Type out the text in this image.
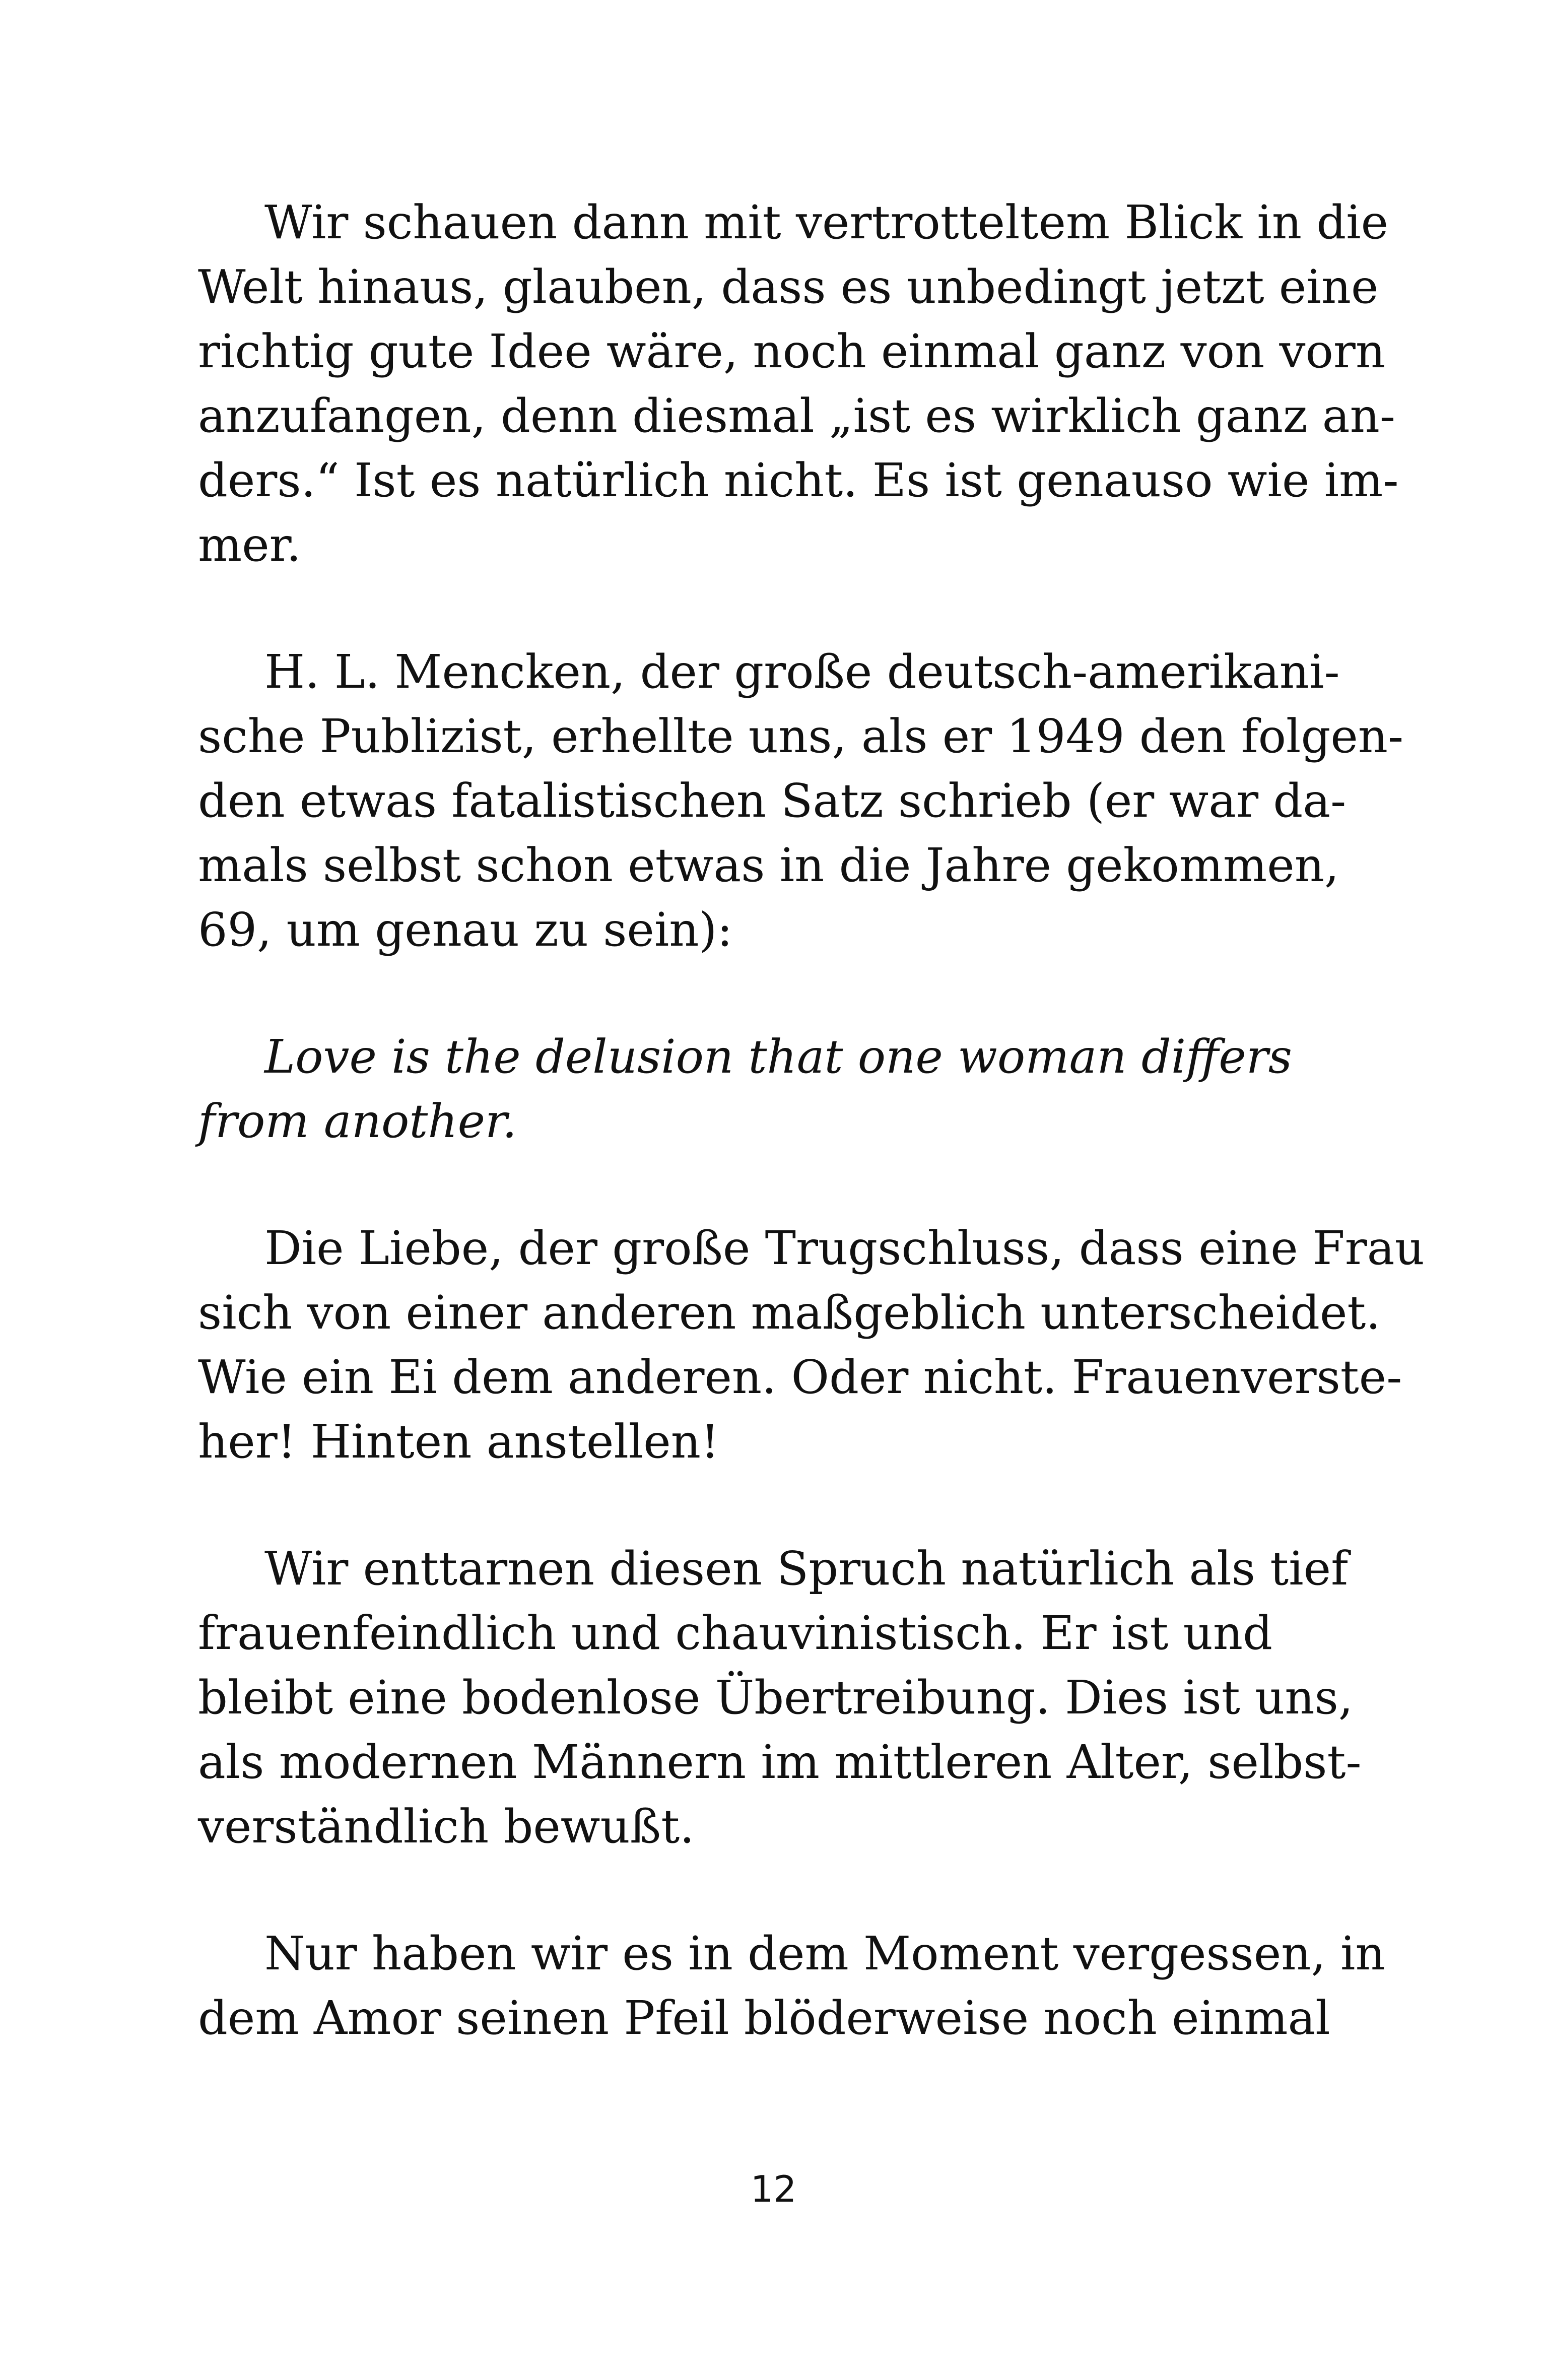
Wir schauen dann mit vertrotteltem Blick in die
Welt hinaus, glauben, dass es unbedingt jetzt eine
richtig gute Idee wäre, noch einmal ganz von vorn
anzufangen, denn diesmal „ist es wirklich ganz an-
ders.“ Ist es natürlich nicht. Es ist genauso wie im-
mer.

H. L. Mencken, der große deutsch-amerikani-
sche Publizist, erhellte uns, als er 1949 den folgen-
den etwas fatalistischen Satz schrieb (er war da-
mals selbst schon etwas in die Jahre gekommen,
69, um genau zu sein):

Love is the delusion that one woman differs
from another.

Die Liebe, der große Trugschluss, dass eine Frau
sich von einer anderen maßgeblich unterscheidet.
Wie ein Ei dem anderen. Oder nicht. Frauenverste-
her! Hinten anstellen!

Wir enttarnen diesen Spruch natürlich als tief
frauenfeindlich und chauvinistisch. Er ist und
bleibt eine bodenlose Übertreibung. Dies ist uns,
als modernen Männern im mittleren Alter, selbst-
verständlich bewußt.

Nur haben wir es in dem Moment vergessen, in
dem Amor seinen Pfeil blöderweise noch einmal

12
